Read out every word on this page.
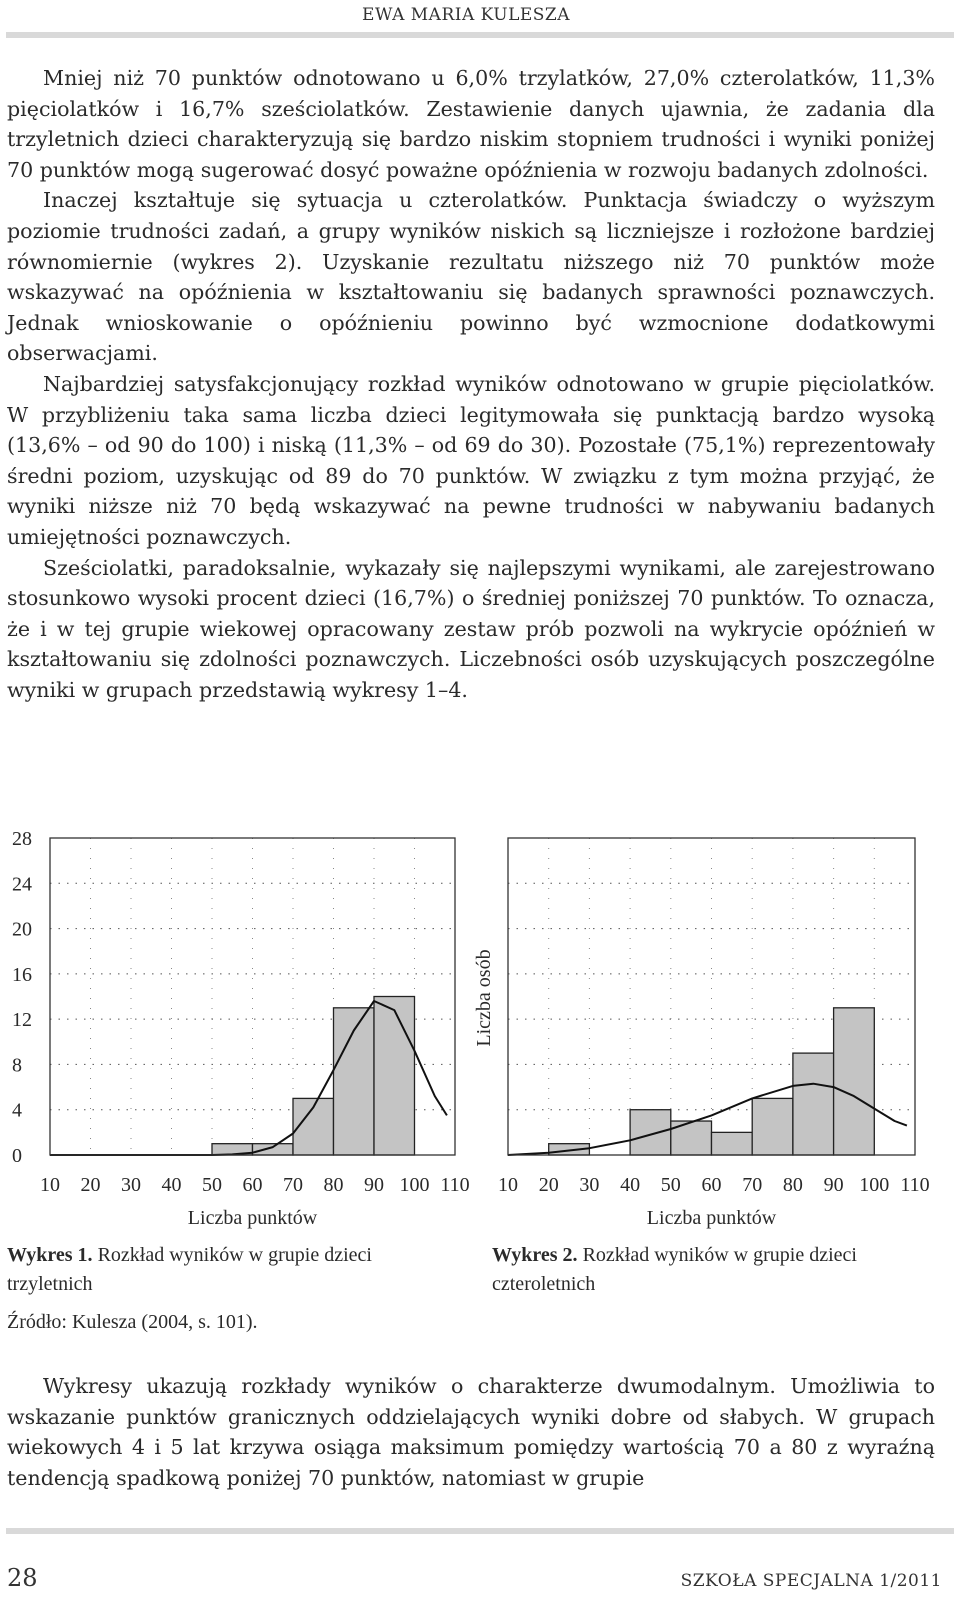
EWA MARIA KULESZA

Mniej niż 70 punktów odnotowano u 6,0% trzylatków, 27,0% czterolatków, 11,3% pięciolatków i 16,7% sześciolatków. Zestawienie danych ujawnia, że zadania dla trzyletnich dzieci charakteryzują się bardzo niskim stopniem trudności i wyniki poniżej 70 punktów mogą sugerować dosyć poważne opóźnienia w rozwoju badanych zdolności.

Inaczej kształtuje się sytuacja u czterolatków. Punktacja świadczy o wyższym poziomie trudności zadań, a grupy wyników niskich są liczniejsze i rozłożone bardziej równomiernie (wykres 2). Uzyskanie rezultatu niższego niż 70 punktów może wskazywać na opóźnienia w kształtowaniu się badanych sprawności poznawczych. Jednak wnioskowanie o opóźnieniu powinno być wzmocnione dodatkowymi obserwacjami.

Najbardziej satysfakcjonujący rozkład wyników odnotowano w grupie pięciolatków. W przybliżeniu taka sama liczba dzieci legitymowała się punktacją bardzo wysoką (13,6% – od 90 do 100) i niską (11,3% – od 69 do 30). Pozostałe (75,1%) reprezentowały średni poziom, uzyskując od 89 do 70 punktów. W związku z tym można przyjąć, że wyniki niższe niż 70 będą wskazywać na pewne trudności w nabywaniu badanych umiejętności poznawczych.

Sześciolatki, paradoksalnie, wykazały się najlepszymi wynikami, ale zarejestrowano stosunkowo wysoki procent dzieci (16,7%) o średniej poniższej 70 punktów. To oznacza, że i w tej grupie wiekowej opracowany zestaw prób pozwoli na wykrycie opóźnień w kształtowaniu się zdolności poznawczych. Liczebności osób uzyskujących poszczególne wyniki w grupach przedstawią wykresy 1–4.

10 20 30 40 50 60 70 80 90 100 110
0
4
8
12
16
20
24
28
Liczba punktów
10 20 30 40 50 60 70 80 90 100 110
Liczba punktów
Liczba osób
Wykres 1. Rozkład wyników w grupie dzieci trzyletnich
Wykres 2. Rozkład wyników w grupie dzieci czteroletnich
Źródło: Kulesza (2004, s. 101).

Wykresy ukazują rozkłady wyników o charakterze dwumodalnym. Umożliwia to wskazanie punktów granicznych oddzielających wyniki dobre od słabych. W grupach wiekowych 4 i 5 lat krzywa osiąga maksimum pomiędzy wartością 70 a 80 z wyraźną tendencją spadkową poniżej 70 punktów, natomiast w grupie

28	SZKOŁA SPECJALNA 1/2011
